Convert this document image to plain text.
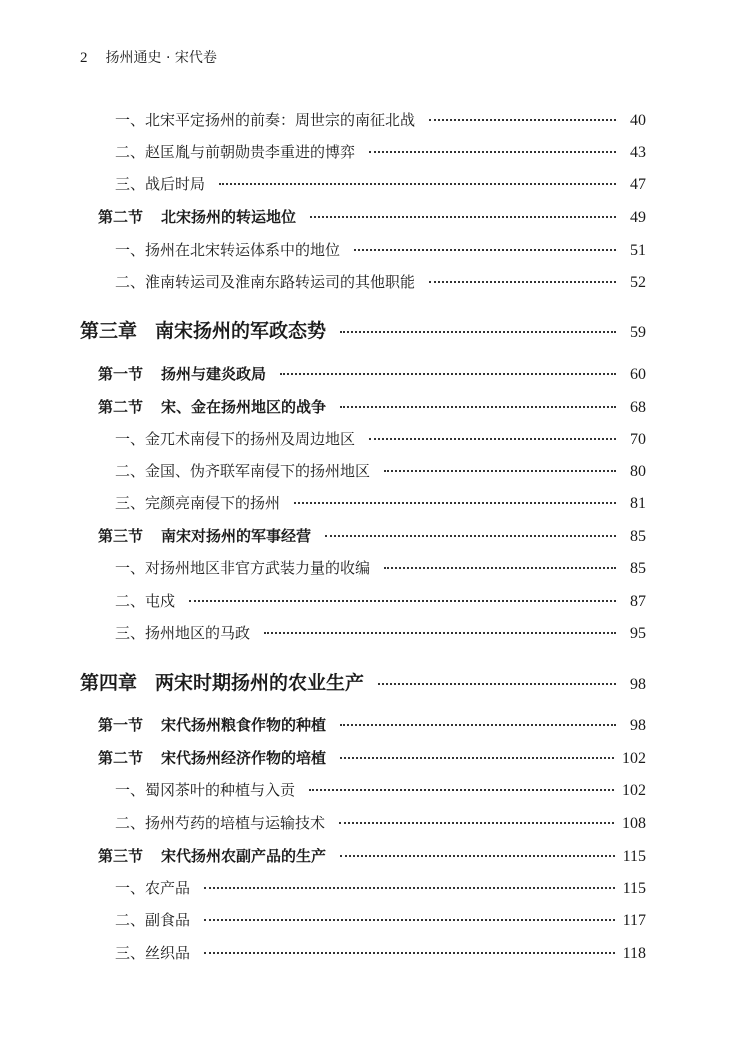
2 扬州通史 · 宋代卷
一、北宋平定扬州的前奏：周世宗的南征北战	40
二、赵匡胤与前朝勋贵李重进的博弈	43
三、战后时局	47
第二节 北宋扬州的转运地位	49
一、扬州在北宋转运体系中的地位	51
二、淮南转运司及淮南东路转运司的其他职能	52
第三章 南宋扬州的军政态势	59
第一节 扬州与建炎政局	60
第二节 宋、金在扬州地区的战争	68
一、金兀术南侵下的扬州及周边地区	70
二、金国、伪齐联军南侵下的扬州地区	80
三、完颜亮南侵下的扬州	81
第三节 南宋对扬州的军事经营	85
一、对扬州地区非官方武装力量的收编	85
二、屯戍	87
三、扬州地区的马政	95
第四章 两宋时期扬州的农业生产	98
第一节 宋代扬州粮食作物的种植	98
第二节 宋代扬州经济作物的培植	102
一、蜀冈茶叶的种植与入贡	102
二、扬州芍药的培植与运输技术	108
第三节 宋代扬州农副产品的生产	115
一、农产品	115
二、副食品	117
三、丝织品	118
